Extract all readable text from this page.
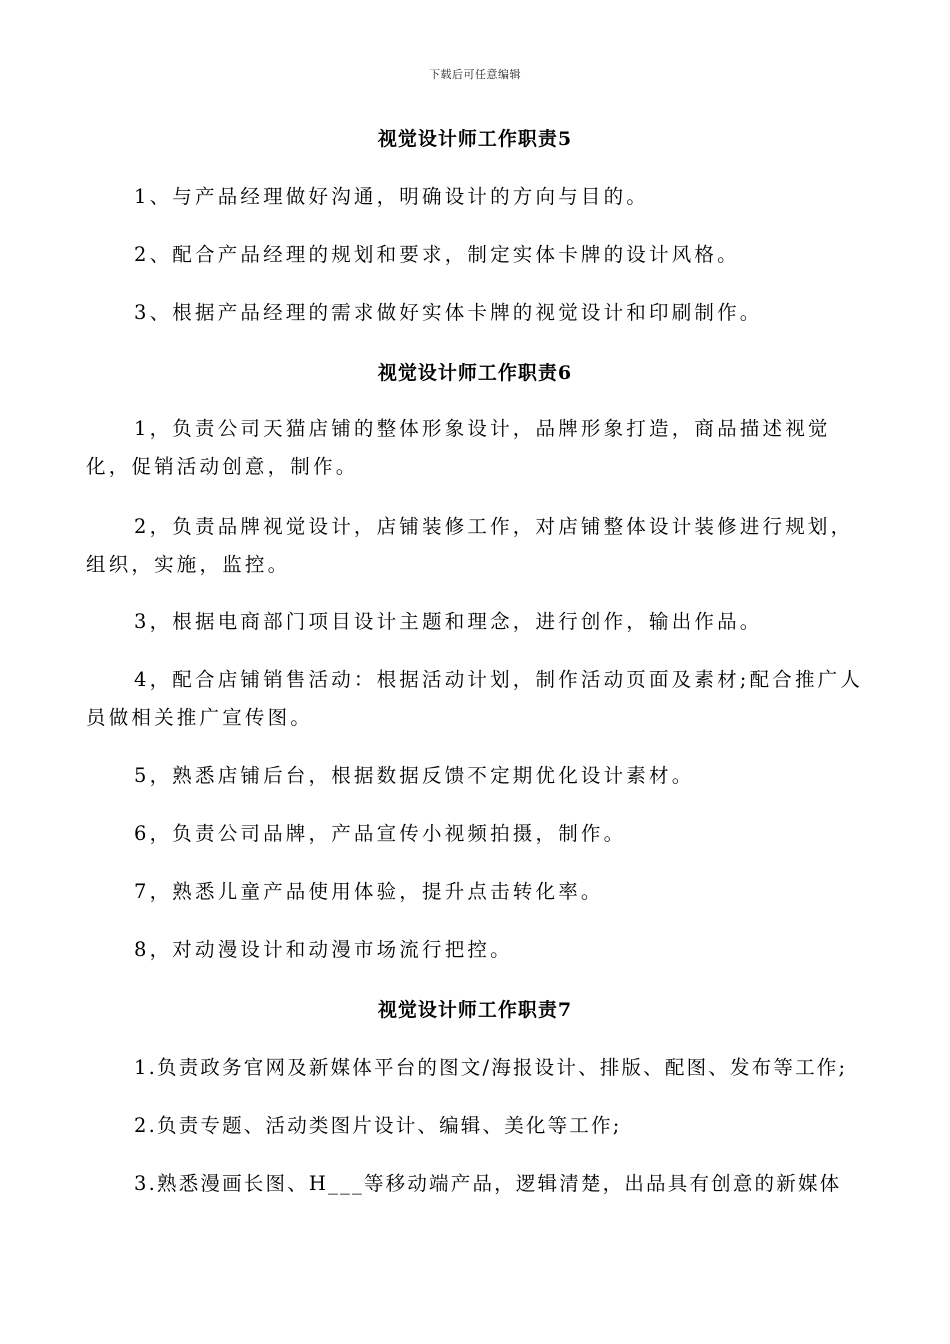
下载后可任意编辑
视觉设计师工作职责5
1、与产品经理做好沟通，明确设计的方向与目的。
2、配合产品经理的规划和要求，制定实体卡牌的设计风格。
3、根据产品经理的需求做好实体卡牌的视觉设计和印刷制作。
视觉设计师工作职责6
1，负责公司天猫店铺的整体形象设计，品牌形象打造，商品描述视觉化，促销活动创意，制作。
2，负责品牌视觉设计，店铺装修工作，对店铺整体设计装修进行规划，组织，实施，监控。
3，根据电商部门项目设计主题和理念，进行创作，输出作品。
4，配合店铺销售活动：根据活动计划，制作活动页面及素材;配合推广人员做相关推广宣传图。
5，熟悉店铺后台，根据数据反馈不定期优化设计素材。
6，负责公司品牌，产品宣传小视频拍摄，制作。
7，熟悉儿童产品使用体验，提升点击转化率。
8，对动漫设计和动漫市场流行把控。
视觉设计师工作职责7
1.负责政务官网及新媒体平台的图文/海报设计、排版、配图、发布等工作;
2.负责专题、活动类图片设计、编辑、美化等工作;
3.熟悉漫画长图、H___等移动端产品，逻辑清楚，出品具有创意的新媒体
